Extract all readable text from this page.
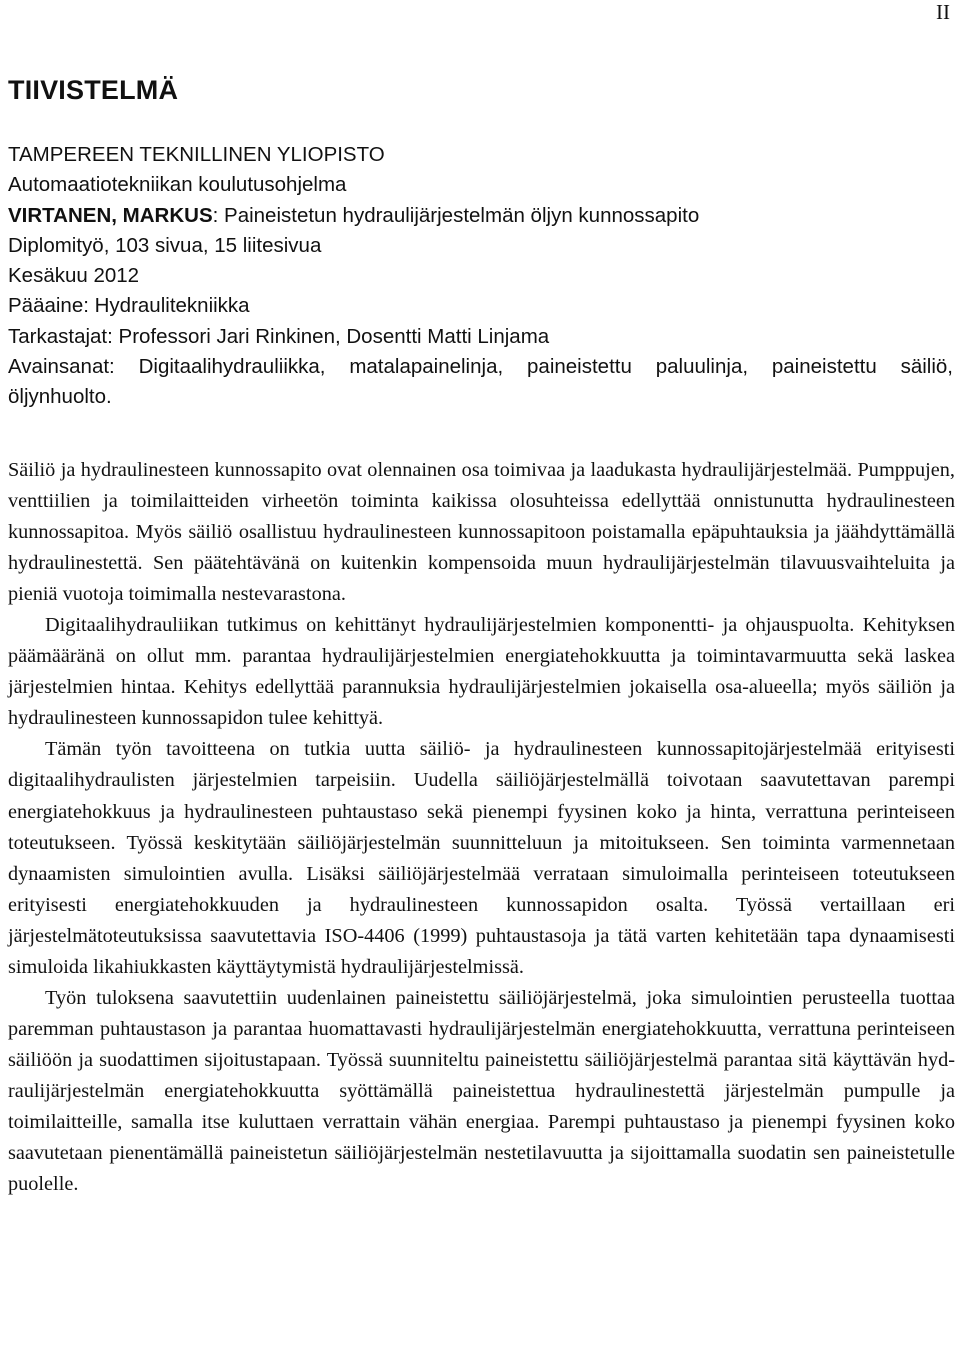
II
TIIVISTELMÄ
TAMPEREEN TEKNILLINEN YLIOPISTO
Automaatiotekniikan koulutusohjelma
VIRTANEN, MARKUS: Paineistetun hydraulijärjestelmän öljyn kunnossapito
Diplomityö, 103 sivua, 15 liitesivua
Kesäkuu 2012
Pääaine: Hydraulitekniikka
Tarkastajat: Professori Jari Rinkinen, Dosentti Matti Linjama
Avainsanat: Digitaalihydrauliikka, matalapainelinja, paineistettu paluulinja, paineistettu säiliö, öljynhuolto.

Säiliö ja hydraulinesteen kunnossapito ovat olennainen osa toimivaa ja laadukasta hydraulijärjestelmää. Pumppujen, venttiilien ja toimilaitteiden virheetön toiminta kaikissa olosuhteissa edellyttää onnistunutta hydraulinesteen kunnossapitoa. Myös säiliö osallistuu hydraulinesteen kunnossapitoon poistamalla epäpuhtauksia ja jäähdyttämällä hydraulinestettä. Sen päätehtävänä on kuitenkin kompensoida muun hydraulijärjestelmän tilavuusvaihteluita ja pieniä vuotoja toimimalla nestevarastona.

Digitaalihydrauliikan tutkimus on kehittänyt hydraulijärjestelmien komponentti- ja ohjauspuolta. Kehityksen päämääränä on ollut mm. parantaa hydraulijärjestelmien energiatehokkuutta ja toimintavarmuutta sekä laskea järjestelmien hintaa. Kehitys edellyttää parannuksia hydraulijärjestelmien jokaisella osa-alueella; myös säiliön ja hydraulinesteen kunnossapidon tulee kehittyä.

Tämän työn tavoitteena on tutkia uutta säiliö- ja hydraulinesteen kunnossapitojärjestelmää erityisesti digitaalihydraulisten järjestelmien tarpeisiin. Uudella säiliöjärjestelmällä toivotaan saavutettavan parempi energiatehokkuus ja hydraulinesteen puhtaustaso sekä pienempi fyysinen koko ja hinta, verrattuna perinteiseen toteutukseen. Työssä keskitytään säiliöjärjestelmän suunnitteluun ja mitoitukseen. Sen toiminta varmennetaan dynaamisten simulointien avulla. Lisäksi säiliöjärjestelmää verrataan simuloimalla perinteiseen toteutukseen erityisesti energiatehokkuuden ja hydraulinesteen kunnossapidon osalta. Työssä vertaillaan eri järjestelmätoteutuksissa saavutettavia ISO-4406 (1999) puhtaustasoja ja tätä varten kehitetään tapa dynaamisesti simuloida likahiukkasten käyttäytymistä hydraulijärjestelmissä.

Työn tuloksena saavutettiin uudenlainen paineistettu säiliöjärjestelmä, joka simulointien perusteella tuottaa paremman puhtaustason ja parantaa huomattavasti hydraulijärjestelmän energiatehokkuutta, verrattuna perinteiseen säiliöön ja suodattimen sijoitustapaan. Työssä suunniteltu paineistettu säiliöjärjestelmä parantaa sitä käyttävän hydraulijärjestelmän energiatehokkuutta syöttämällä paineistettua hydraulinestettä järjestelmän pumpulle ja toimilaitteille, samalla itse kuluttaen verrattain vähän energiaa. Parempi puhtaustaso ja pienempi fyysinen koko saavutetaan pienentämällä paineistetun säiliöjärjestelmän nestetilavuutta ja sijoittamalla suodatin sen paineistetulle puolelle.
